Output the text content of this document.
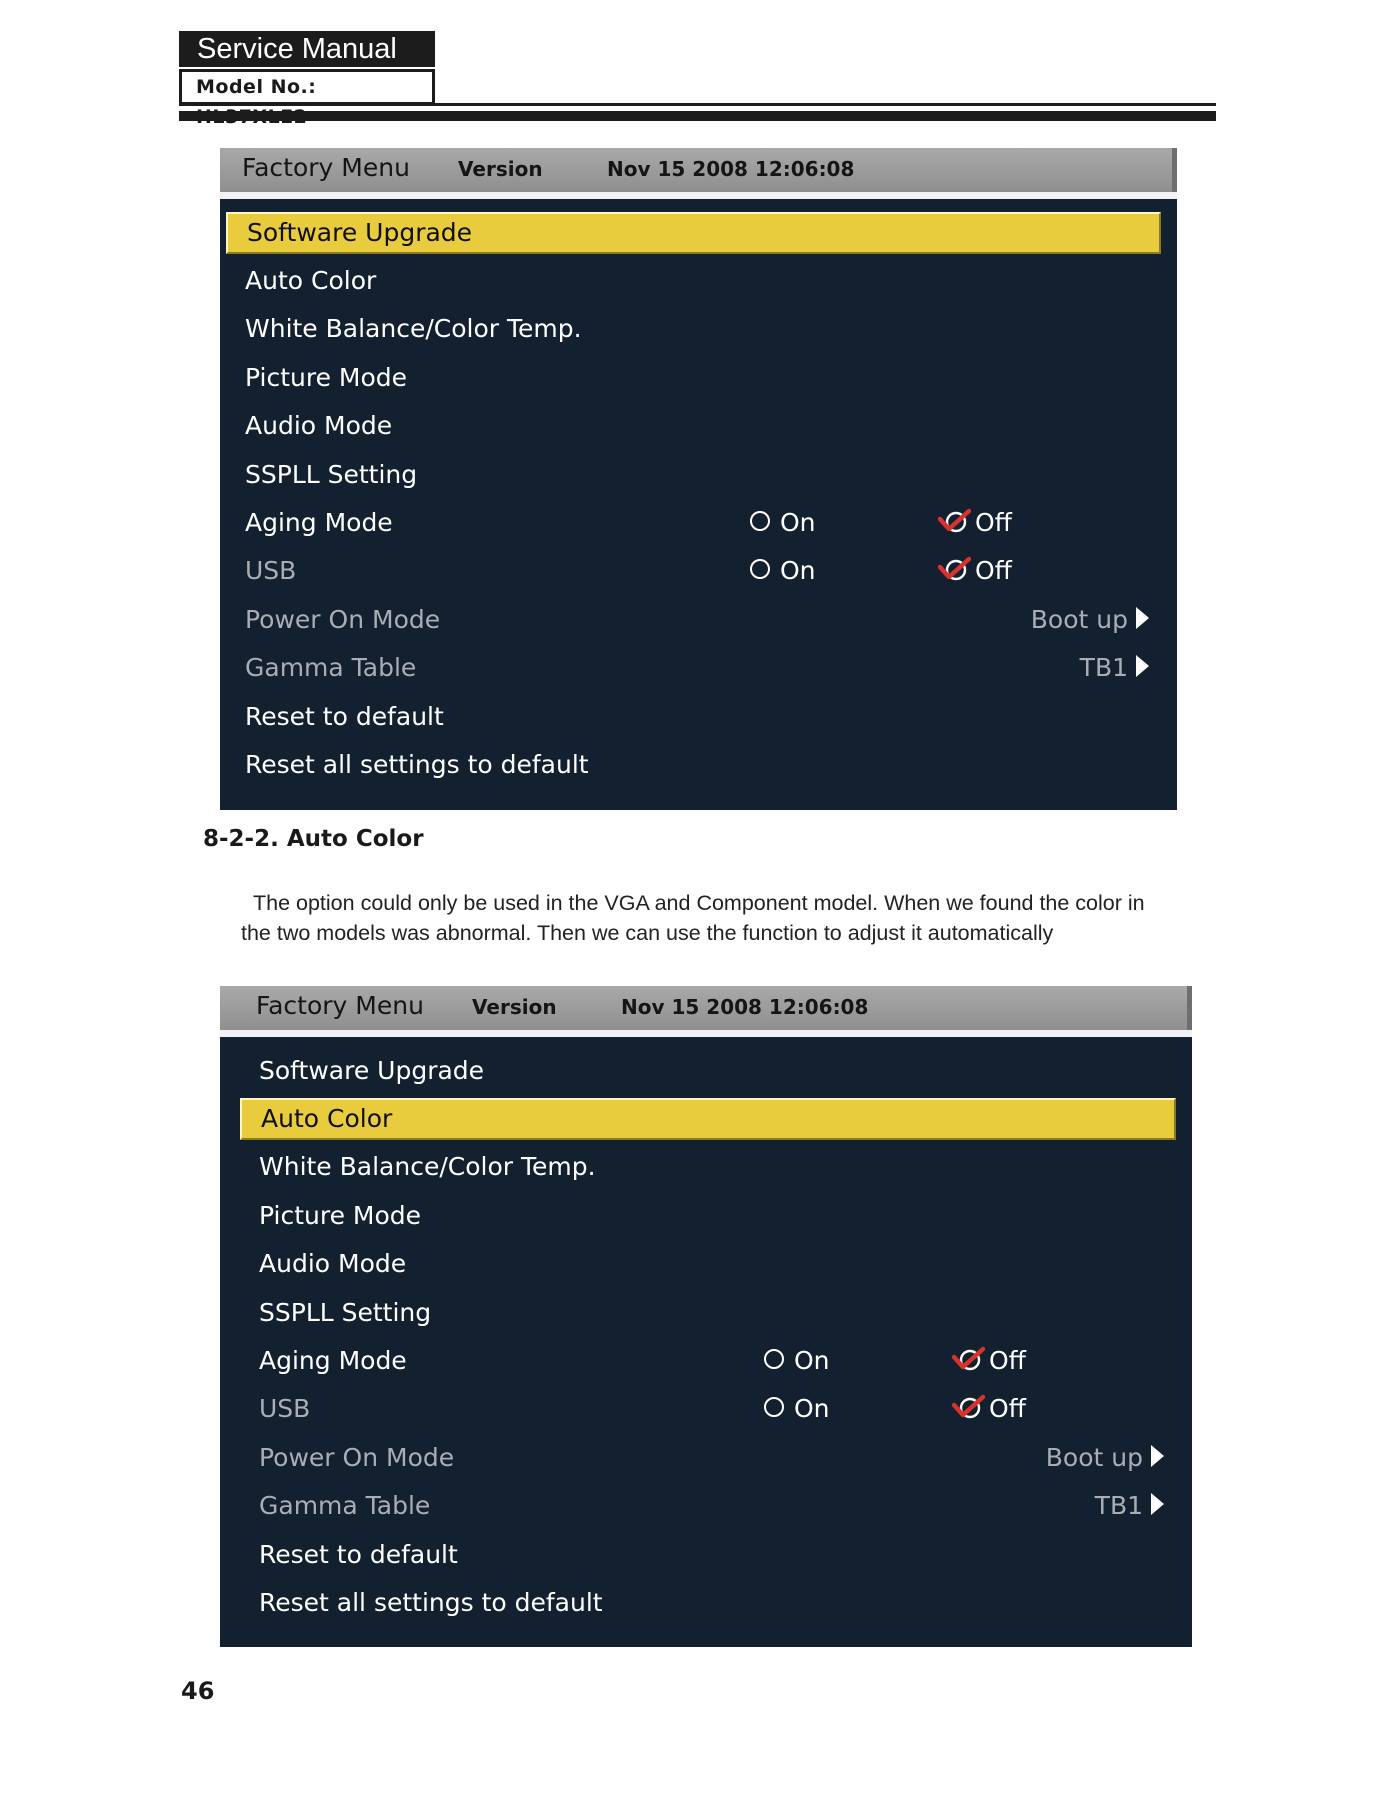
Service Manual
Model No.:
Factory Menu Version	Nov 15 2008 12:06:08
Software Upgrade
Auto Color
White Balance/Color Temp.
Picture Mode
Audio Mode
SSPLL Setting
Aging Mode	On	Off
USB	On	Off
Power On Mode	Boot up
Gamma Table	TB1
Reset to default
Reset all settings to default
8-2-2. Auto Color
The option could only be used in the VGA and Component model. When we found the color in
the two models was abnormal. Then we can use the function to adjust it automatically
Factory Menu Version	Nov 15 2008 12:06:08
Software Upgrade
Auto Color
White Balance/Color Temp.
Picture Mode
Audio Mode
SSPLL Setting
Aging Mode	On	Off
USB	On	Off
Power On Mode	Boot up
Gamma Table	TB1
Reset to default
Reset all settings to default
46
